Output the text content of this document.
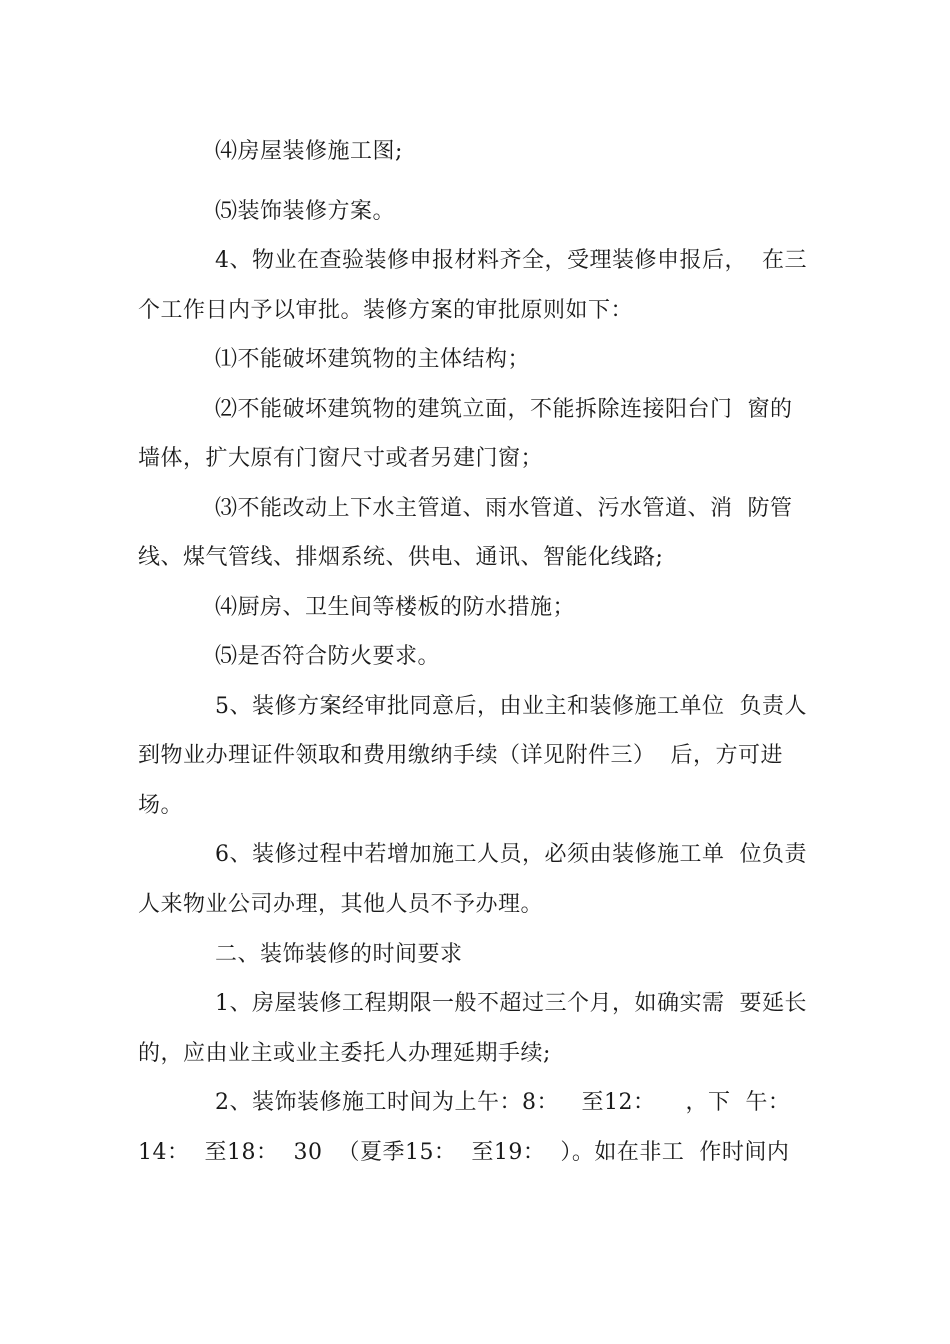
⑷房屋装修施工图;
⑸装饰装修方案。
4、物业在查验装修申报材料齐全，受理装修申报后，  在三
个工作日内予以审批。装修方案的审批原则如下：
⑴不能破坏建筑物的主体结构；
⑵不能破坏建筑物的建筑立面，不能拆除连接阳台门  窗的
墙体，扩大原有门窗尺寸或者另建门窗；
⑶不能改动上下水主管道、雨水管道、污水管道、消  防管
线、煤气管线、排烟系统、供电、通讯、智能化线路;
⑷厨房、卫生间等楼板的防水措施；
⑸是否符合防火要求。
5、装修方案经审批同意后，由业主和装修施工单位  负责人
到物业办理证件领取和费用缴纳手续（详见附件三）  后，方可进
场。
6、装修过程中若增加施工人员，必须由装修施工单  位负责
人来物业公司办理，其他人员不予办理。
二、装饰装修的时间要求
1、房屋装修工程期限一般不超过三个月，如确实需  要延长
的，应由业主或业主委托人办理延期手续;
2、装饰装修施工时间为上午：8：   至12：    ，下  午：
14：  至18：  30  （夏季15：  至19：  ）。如在非工  作时间内
